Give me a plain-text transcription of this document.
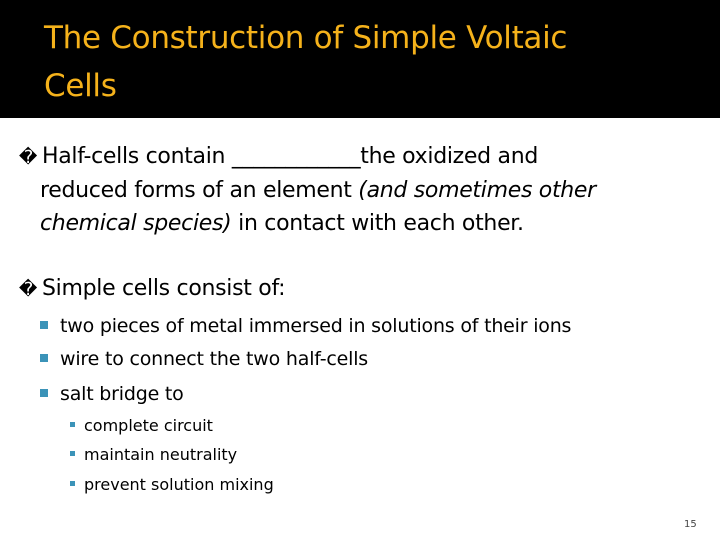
The Construction of Simple Voltaic
Cells
� Half-cells contain ____________the oxidized and
reduced forms of an element (and sometimes other
chemical species) in contact with each other.
� Simple cells consist of:
two pieces of metal immersed in solutions of their ions
wire to connect the two half-cells
salt bridge to
complete circuit
maintain neutrality
prevent solution mixing
15
